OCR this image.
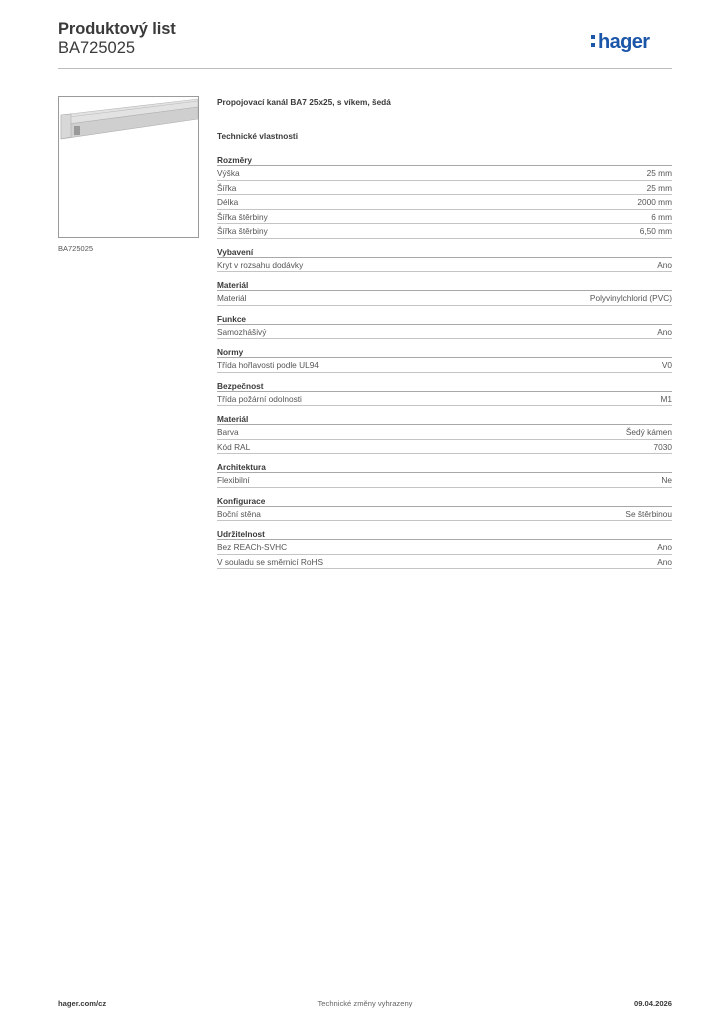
Produktový list
BA725025	hager
BA725025
Propojovací kanál BA7 25x25, s víkem, šedá
Technické vlastnosti
Rozměry
Výška	25 mm
Šířka	25 mm
Délka	2000 mm
Šířka štěrbiny	6 mm
Šířka štěrbiny	6,50 mm
Vybavení
Kryt v rozsahu dodávky	Ano
Materiál
Materiál	Polyvinylchlorid (PVC)
Funkce
Samozhášivý	Ano
Normy
Třída hořlavosti podle UL94	V0
Bezpečnost
Třída požární odolnosti	M1
Materiál
Barva	Šedý kámen
Kód RAL	7030
Architektura
Flexibilní	Ne
Konfigurace
Boční stěna	Se štěrbinou
Udržitelnost
Bez REACh-SVHC	Ano
V souladu se směrnicí RoHS	Ano
hager.com/cz	Technické změny vyhrazeny	09.04.2026
